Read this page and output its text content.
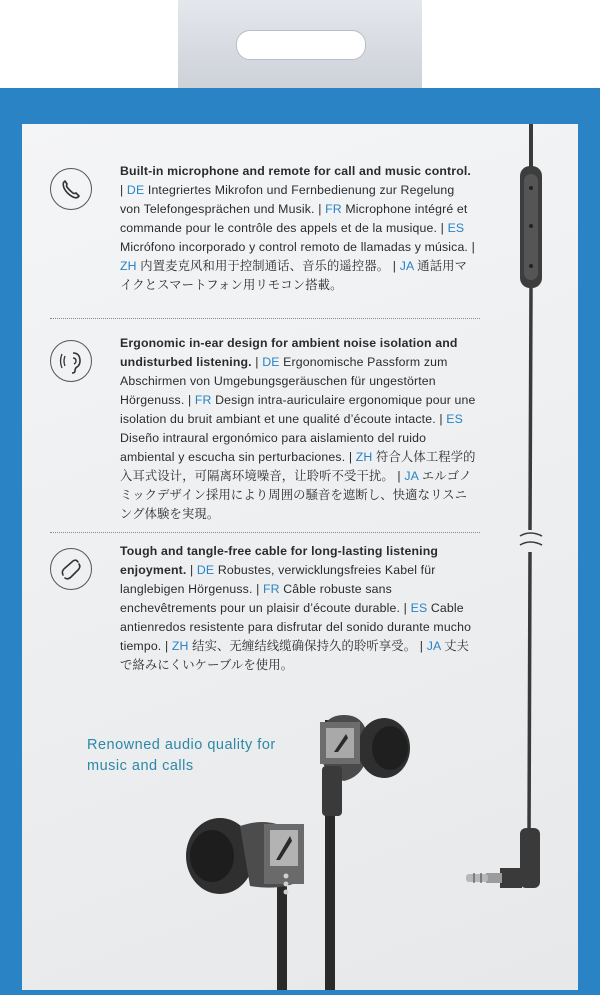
Built-in microphone and remote for call and music control. | DE Integriertes Mikrofon und Fernbedienung zur Regelung von Telefongesprächen und Musik. | FR Microphone intégré et commande pour le contrôle des appels et de la musique. | ES Micrófono incorporado y control remoto de llamadas y música. | ZH 内置麦克风和用于控制通话、音乐的遥控器。 | JA 通話用マイクとスマートフォン用リモコン搭載。
Ergonomic in-ear design for ambient noise isolation and undisturbed listening. | DE Ergonomische Passform zum Abschirmen von Umgebungsgeräuschen für ungestörten Hörgenuss. | FR Design intra-auriculaire ergonomique pour une isolation du bruit ambiant et une qualité d’écoute intacte. | ES Diseño intraural ergonómico para aislamiento del ruido ambiental y escucha sin perturbaciones. | ZH 符合人体工程学的入耳式设计，可隔离环境噪音，让聆听不受干扰。 | JA エルゴノミックデザイン採用により周囲の騒音を遮断し、快適なリスニング体験を実現。
Tough and tangle-free cable for long-lasting listening enjoyment. | DE Robustes, verwicklungsfreies Kabel für langlebigen Hörgenuss. | FR Câble robuste sans enchevêtrements pour un plaisir d’écoute durable. | ES Cable antienredos resistente para disfrutar del sonido durante mucho tiempo. | ZH 结实、无缠结线缆确保持久的聆听享受。 | JA 丈夫で絡みにくいケーブルを使用。
Renowned audio quality for music and calls
